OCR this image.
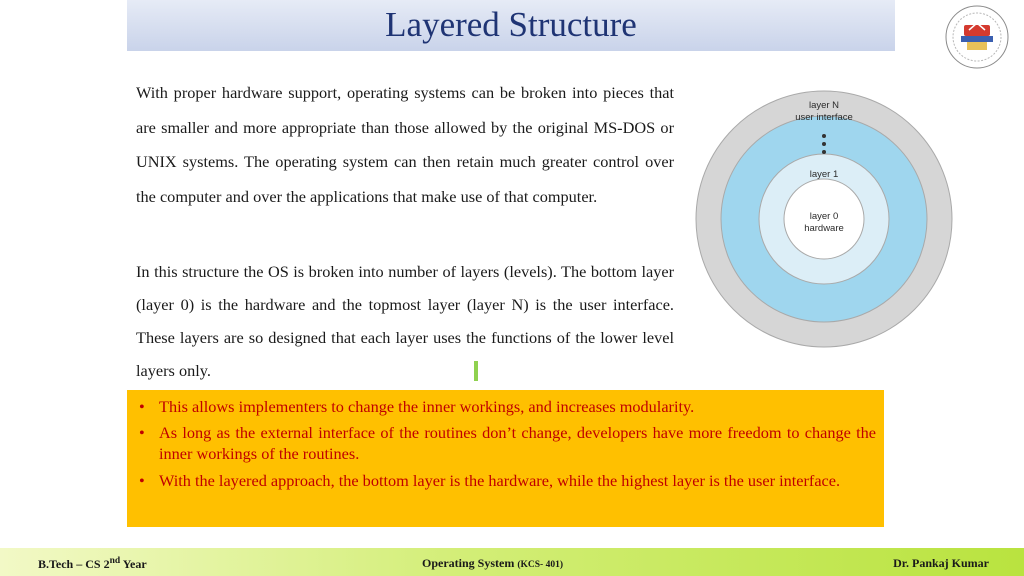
Layered Structure
With proper hardware support, operating systems can be broken into pieces that are smaller and more appropriate than those allowed by the original MS-DOS or UNIX systems. The operating system can then retain much greater control over the computer and over the applications that make use of that computer.
In this structure the OS is broken into number of layers (levels). The bottom layer (layer 0) is the hardware and the topmost layer (layer N) is the user interface. These layers are so designed that each layer uses the functions of the lower level layers only.
layer N
user interface
layer 1
layer 0
hardware
• This allows implementers to change the inner workings, and increases modularity.
• As long as the external interface of the routines don’t change, developers have more freedom to change the inner workings of the routines.
• With the layered approach, the bottom layer is the hardware, while the highest layer is the user interface.
B.Tech – CS 2nd Year	Operating System (KCS- 401)	Dr. Pankaj Kumar
